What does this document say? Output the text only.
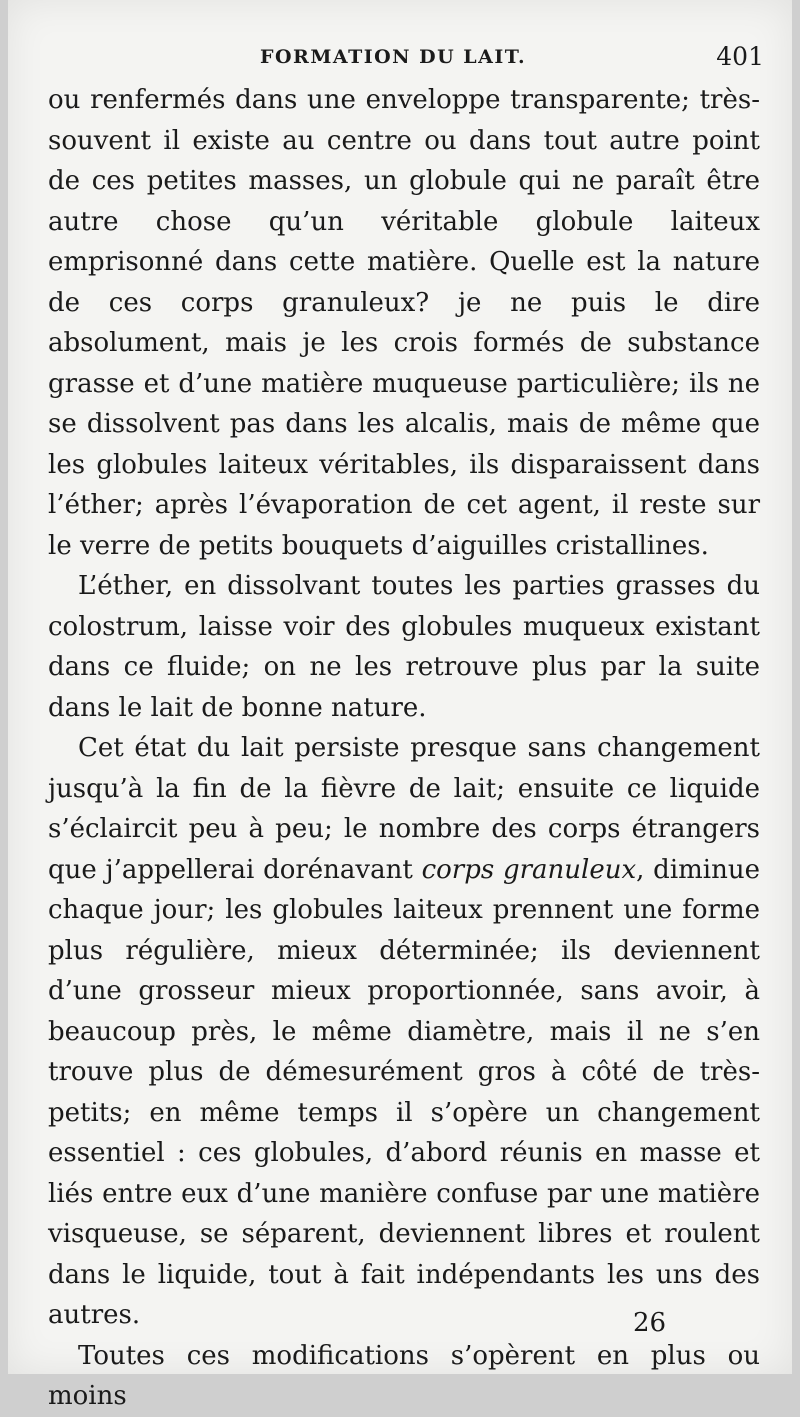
FORMATION DU LAIT.	401

ou renfermés dans une enveloppe transparente; très-souvent il existe au centre ou dans tout autre point de ces petites masses, un globule qui ne paraît être autre chose qu’un véritable globule laiteux emprisonné dans cette matière. Quelle est la nature de ces corps granuleux? je ne puis le dire absolument, mais je les crois formés de substance grasse et d’une matière muqueuse particulière; ils ne se dissolvent pas dans les alcalis, mais de même que les globules laiteux véritables, ils disparaissent dans l’éther; après l’évaporation de cet agent, il reste sur le verre de petits bouquets d’aiguilles cristallines.

L’éther, en dissolvant toutes les parties grasses du colostrum, laisse voir des globules muqueux existant dans ce fluide; on ne les retrouve plus par la suite dans le lait de bonne nature.

Cet état du lait persiste presque sans changement jusqu’à la fin de la fièvre de lait; ensuite ce liquide s’éclaircit peu à peu; le nombre des corps étrangers que j’appellerai dorénavant corps granuleux, diminue chaque jour; les globules laiteux prennent une forme plus régulière, mieux déterminée; ils deviennent d’une grosseur mieux proportionnée, sans avoir, à beaucoup près, le même diamètre, mais il ne s’en trouve plus de démesurément gros à côté de très-petits; en même temps il s’opère un changement essentiel : ces globules, d’abord réunis en masse et liés entre eux d’une manière confuse par une matière visqueuse, se séparent, deviennent libres et roulent dans le liquide, tout à fait indépendants les uns des autres.

Toutes ces modifications s’opèrent en plus ou moins

26
